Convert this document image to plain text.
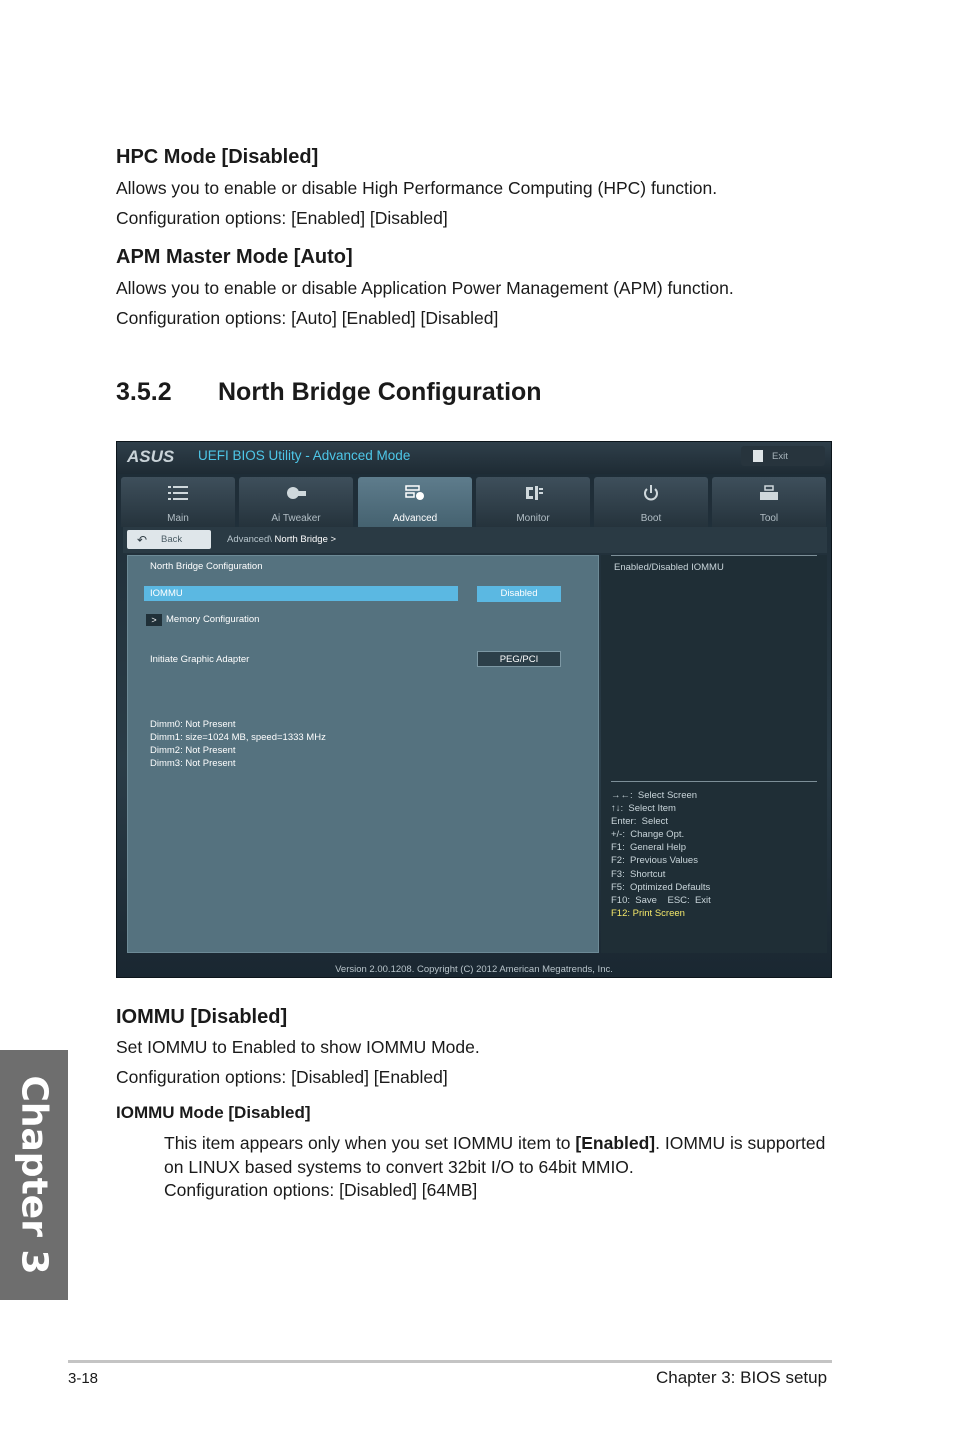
Chapter 3
HPC Mode [Disabled]
Allows you to enable or disable High Performance Computing (HPC) function.
Configuration options: [Enabled] [Disabled]
APM Master Mode [Auto]
Allows you to enable or disable Application Power Management (APM) function.
Configuration options: [Auto] [Enabled] [Disabled]
3.5.2 North Bridge Configuration
ASUS UEFI BIOS Utility - Advanced Mode	Exit
Main	Ai Tweaker	Advanced	Monitor	Boot	Tool
↶ Back	Advanced\ North Bridge >
North Bridge Configuration
IOMMU	Disabled
> Memory Configuration
Initiate Graphic Adapter	PEG/PCI
Dimm0: Not Present
Dimm1: size=1024 MB, speed=1333 MHz
Dimm2: Not Present
Dimm3: Not Present
Enabled/Disabled IOMMU
→←:  Select Screen
↑↓:  Select Item
Enter:  Select
+/-:  Change Opt.
F1:  General Help
F2:  Previous Values
F3:  Shortcut
F5:  Optimized Defaults
F10:  Save    ESC:  Exit
F12: Print Screen
Version 2.00.1208. Copyright (C) 2012 American Megatrends, Inc.
IOMMU [Disabled]
Set IOMMU to Enabled to show IOMMU Mode.
Configuration options: [Disabled] [Enabled]
IOMMU Mode [Disabled]
This item appears only when you set IOMMU item to [Enabled]. IOMMU is supported on LINUX based systems to convert 32bit I/O to 64bit MMIO.
Configuration options: [Disabled] [64MB]
3-18	Chapter 3: BIOS setup
